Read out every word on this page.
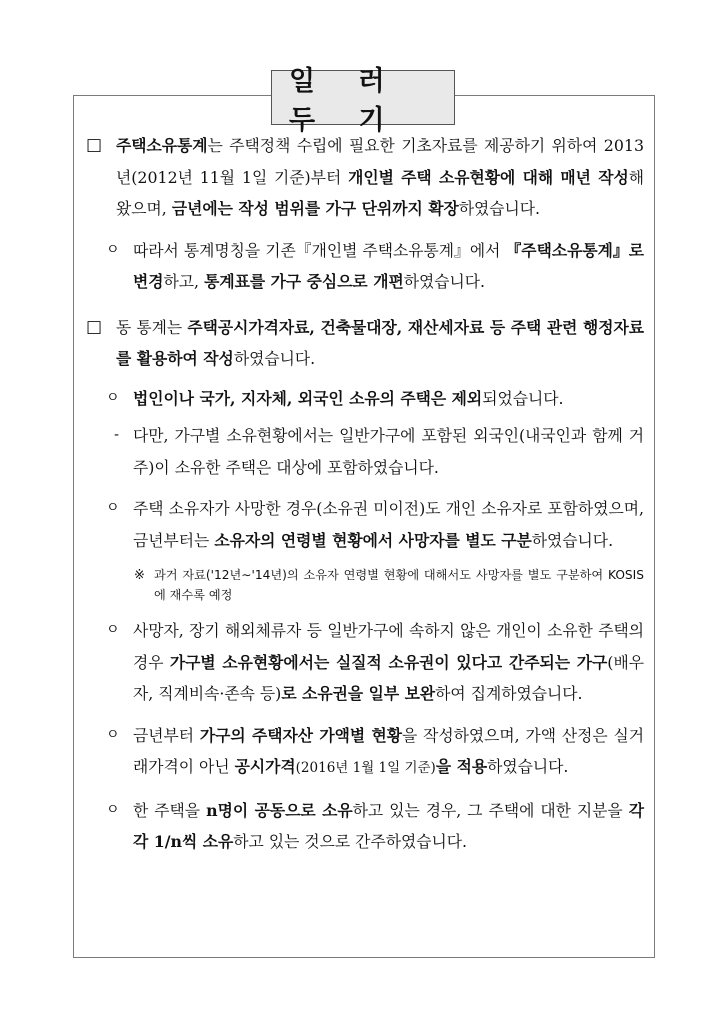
일 러 두 기
□ 주택소유통계는 주택정책 수립에 필요한 기초자료를 제공하기 위하여 2013년(2012년 11월 1일 기준)부터 개인별 주택 소유현황에 대해 매년 작성해 왔으며, 금년에는 작성 범위를 가구 단위까지 확장하였습니다.
ㅇ 따라서 통계명칭을 기존『개인별 주택소유통계』에서 『주택소유통계』로 변경하고, 통계표를 가구 중심으로 개편하였습니다.
□ 동 통계는 주택공시가격자료, 건축물대장, 재산세자료 등 주택 관련 행정자료를 활용하여 작성하였습니다.
ㅇ 법인이나 국가, 지자체, 외국인 소유의 주택은 제외되었습니다.
- 다만, 가구별 소유현황에서는 일반가구에 포함된 외국인(내국인과 함께 거주)이 소유한 주택은 대상에 포함하였습니다.
ㅇ 주택 소유자가 사망한 경우(소유권 미이전)도 개인 소유자로 포함하였으며, 금년부터는 소유자의 연령별 현황에서 사망자를 별도 구분하였습니다.
※ 과거 자료('12년∼'14년)의 소유자 연령별 현황에 대해서도 사망자를 별도 구분하여 KOSIS에 재수록 예정
ㅇ 사망자, 장기 해외체류자 등 일반가구에 속하지 않은 개인이 소유한 주택의 경우 가구별 소유현황에서는 실질적 소유권이 있다고 간주되는 가구(배우자, 직계비속·존속 등)로 소유권을 일부 보완하여 집계하였습니다.
ㅇ 금년부터 가구의 주택자산 가액별 현황을 작성하였으며, 가액 산정은 실거래가격이 아닌 공시가격(2016년 1월 1일 기준)을 적용하였습니다.
ㅇ 한 주택을 n명이 공동으로 소유하고 있는 경우, 그 주택에 대한 지분을 각각 1/n씩 소유하고 있는 것으로 간주하였습니다.
